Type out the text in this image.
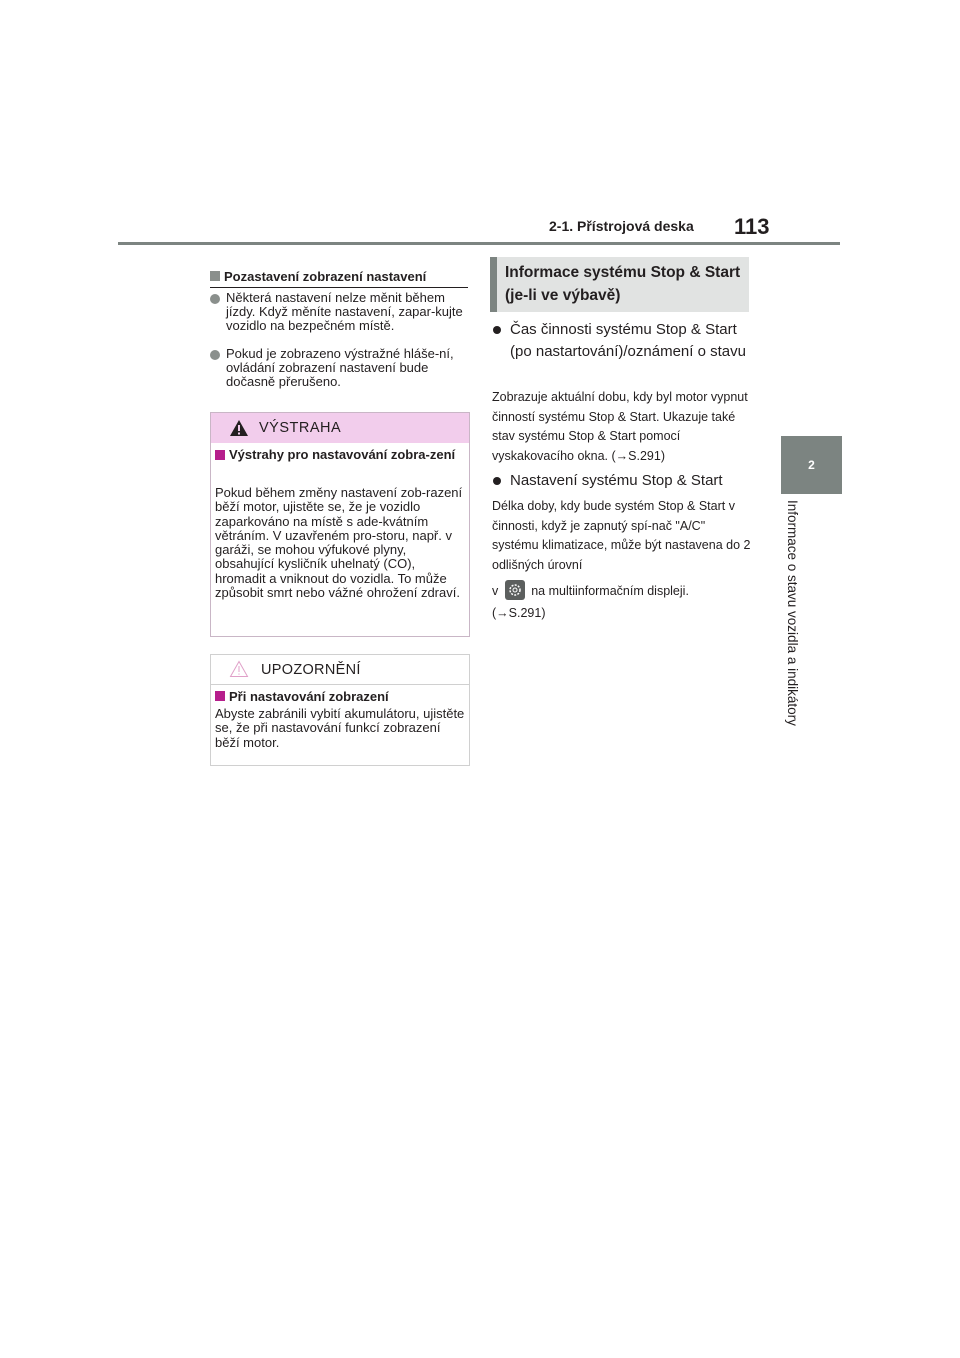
2-1. Přístrojová deska 113
2
Informace o stavu vozidla a indikátory
Pozastavení zobrazení nastavení
Některá nastavení nelze měnit během jízdy. Když měníte nastavení, zapar-kujte vozidlo na bezpečném místě.
Pokud je zobrazeno výstražné hláše-ní, ovládání zobrazení nastavení bude dočasně přerušeno.
VÝSTRAHA
Výstrahy pro nastavování zobra-zení
Pokud během změny nastavení zob-razení běží motor, ujistěte se, že je vozidlo zaparkováno na místě s ade-kvátním větráním. V uzavřeném pro-storu, např. v garáži, se mohou výfukové plyny, obsahující kysličník uhelnatý (CO), hromadit a vniknout do vozidla. To může způsobit smrt nebo vážné ohrožení zdraví.
UPOZORNĚNÍ
Při nastavování zobrazení
Abyste zabránili vybití akumulátoru, ujistěte se, že při nastavování funkcí zobrazení běží motor.
Informace systému Stop & Start (je-li ve výbavě)
Čas činnosti systému Stop & Start (po nastartování)/oznámení o stavu
Zobrazuje aktuální dobu, kdy byl motor vypnut činností systému Stop & Start. Ukazuje také stav systému Stop & Start pomocí vyskakovacího okna. (→S.291)
Nastavení systému Stop & Start
Délka doby, kdy bude systém Stop & Start v činnosti, když je zapnutý spí-nač "A/C" systému klimatizace, může být nastavena do 2 odlišných úrovní
v	na multiinformačním displeji.
(→S.291)
